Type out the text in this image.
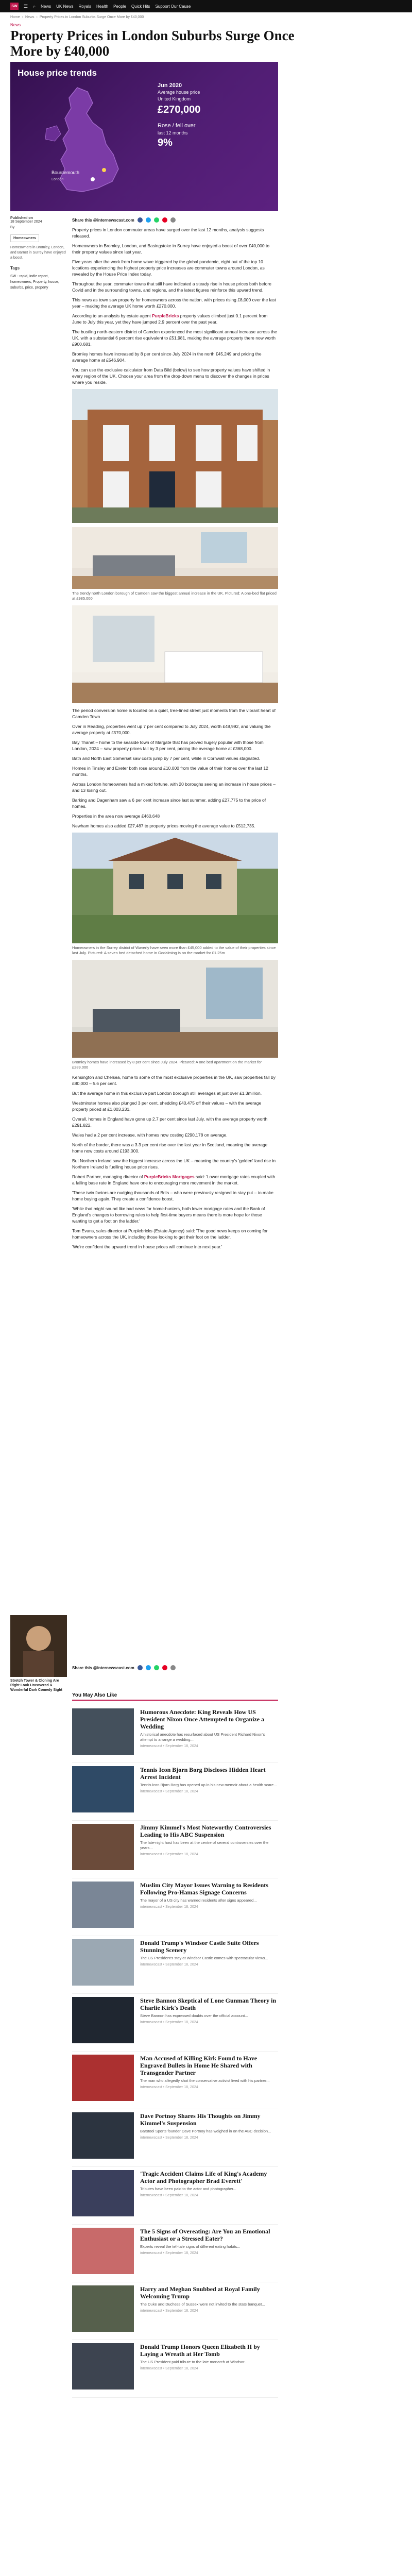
SW ☰ ⌕ News UK News Royals Health People Quick Hits Support Our Cause
Home › News › Property Prices in London Suburbs Surge Once More by £40,000
News
Property Prices in London Suburbs Surge Once More by £40,000
House price trends
Bournemouth
London
Jun 2020
Average house price
United Kingdom
£270,000
Rose / fell over
last 12 months
9%
Published on
18 September 2024
By
Homeowners
Homeowners in Bromley, London, and Barnet in Surrey have enjoyed a boost.
Tags
SW - rapid, Indie report, homeowners, Property, house, suburbs, price, property
Share this @internewscast.com

Property prices in London commuter areas have surged over the last 12 months, analysis suggests released.

Homeowners in Bromley, London, and Basingstoke in Surrey have enjoyed a boost of over £40,000 to their property values since last year.

Five years after the work from home wave triggered by the global pandemic, eight out of the top 10 locations experiencing the highest property price increases are commuter towns around London, as revealed by the House Price Index today.

Throughout the year, commuter towns that still have indicated a steady rise in house prices both before Covid and in the surrounding towns, and regions, and the latest figures reinforce this upward trend.

This news as town saw property for homeowners across the nation, with prices rising £8,000 over the last year – making the average UK home worth £270,000.

According to an analysis by estate agent PurpleBricks property values climbed just 0.1 percent from June to July this year, yet they have jumped 2.9 percent over the past year.

The bustling north-eastern district of Camden experienced the most significant annual increase across the UK, with a substantial 6 percent rise equivalent to £51,981, making the average property there now worth £900,681.

Bromley homes have increased by 8 per cent since July 2024 in the north £45,249 and pricing the average home at £546,904.

You can use the exclusive calculator from Data Bild (below) to see how property values have shifted in every region of the UK. Choose your area from the drop-down menu to discover the changes in prices where you reside.

The trendy north London borough of Camden saw the biggest annual increase in the UK. Pictured: A one-bed flat priced at £985,000

The period conversion home is located on a quiet, tree-lined street just moments from the vibrant heart of Camden Town

Over in Reading, properties went up 7 per cent compared to July 2024, worth £48,992, and valuing the average property at £570,000.

Bay Thanet – home to the seaside town of Margate that has proved hugely popular with those from London, 2024 – saw property prices fall by 3 per cent, pricing the average home at £368,000.

Bath and North East Somerset saw costs jump by 7 per cent, while in Cornwall values stagnated.

Homes in Tinsley and Exeter both rose around £10,000 from the value of their homes over the last 12 months.

Across London homeowners had a mixed fortune, with 20 boroughs seeing an increase in house prices – and 13 losing out.

Barking and Dagenham saw a 6 per cent increase since last summer, adding £27,775 to the price of homes.

Properties in the area now average £460,648

Newham homes also added £27,487 to property prices moving the average value to £512,735.

Homeowners in the Surrey district of Waverly have seen more than £45,000 added to the value of their properties since last July. Pictured: A seven bed detached home in Godalming is on the market for £1.25m
Bromley homes have increased by 8 per cent since July 2024. Pictured: A one bed apartment on the market for £289,000

Kensington and Chelsea, home to some of the most exclusive properties in the UK, saw properties fall by £80,000 – 5.6 per cent.

But the average home in this exclusive part London borough still averages at just over £1.3million.

Westminster homes also plunged 3 per cent, shedding £40,475 off their values – with the average property priced at £1,003,231.

Overall, homes in England have gone up 2.7 per cent since last July, with the average property worth £291,822.

Wales had a 2 per cent increase, with homes now costing £290,178 on average.

North of the border, there was a 3.3 per cent rise over the last year in Scotland, meaning the average home now costs around £193,000.

But Northern Ireland saw the biggest increase across the UK – meaning the country's 'golden' land rise in Northern Ireland is fuelling house price rises.

Robert Partner, managing director of PurpleBricks Mortgages said: 'Lower mortgage rates coupled with a falling base rate in England have one to encouraging more movement in the market.

'These twin factors are nudging thousands of Brits – who were previously resigned to stay put – to make home buying again. They create a confidence boost.

'While that might sound like bad news for home-hunters, both lower mortgage rates and the Bank of England's changes to borrowing rules to help first-time buyers means there is more hope for those wanting to get a foot on the ladder.'

Tom Evans, sales director at Purplebricks (Estate Agency) said: 'The good news keeps on coming for homeowners across the UK, including those looking to get their foot on the ladder.

'We're confident the upward trend in house prices will continue into next year.'

Stretch Tower & Cloning Are Right Look Uncovered & Wonderful Dark Comedy Sight
Share this @internewscast.com
You May Also Like
Humorous Anecdote: King Reveals How US President Nixon Once Attempted to Organize a Wedding
A historical anecdote has resurfaced about US President Richard Nixon's attempt to arrange a wedding...
internewscast • September 18, 2024
Tennis Icon Bjorn Borg Discloses Hidden Heart Arrest Incident
Tennis icon Bjorn Borg has opened up in his new memoir about a health scare...
internewscast • September 18, 2024
Jimmy Kimmel's Most Noteworthy Controversies Leading to His ABC Suspension
The late-night host has been at the centre of several controversies over the years...
internewscast • September 18, 2024
Muslim City Mayor Issues Warning to Residents Following Pro-Hamas Signage Concerns
The mayor of a US city has warned residents after signs appeared...
internewscast • September 18, 2024
Donald Trump's Windsor Castle Suite Offers Stunning Scenery
The US President's stay at Windsor Castle comes with spectacular views...
internewscast • September 18, 2024
Steve Bannon Skeptical of Lone Gunman Theory in Charlie Kirk's Death
Steve Bannon has expressed doubts over the official account...
internewscast • September 18, 2024
Man Accused of Killing Kirk Found to Have Engraved Bullets in Home He Shared with Transgender Partner
The man who allegedly shot the conservative activist lived with his partner...
internewscast • September 18, 2024
Dave Portnoy Shares His Thoughts on Jimmy Kimmel's Suspension
Barstool Sports founder Dave Portnoy has weighed in on the ABC decision...
internewscast • September 18, 2024
'Tragic Accident Claims Life of King's Academy Actor and Photographer Brad Everett'
Tributes have been paid to the actor and photographer...
internewscast • September 18, 2024
The 5 Signs of Overeating: Are You an Emotional Enthusiast or a Stressed Eater?
Experts reveal the tell-tale signs of different eating habits...
internewscast • September 18, 2024
Harry and Meghan Snubbed at Royal Family Welcoming Trump
The Duke and Duchess of Sussex were not invited to the state banquet...
internewscast • September 18, 2024
Donald Trump Honors Queen Elizabeth II by Laying a Wreath at Her Tomb
The US President paid tribute to the late monarch at Windsor...
internewscast • September 18, 2024
